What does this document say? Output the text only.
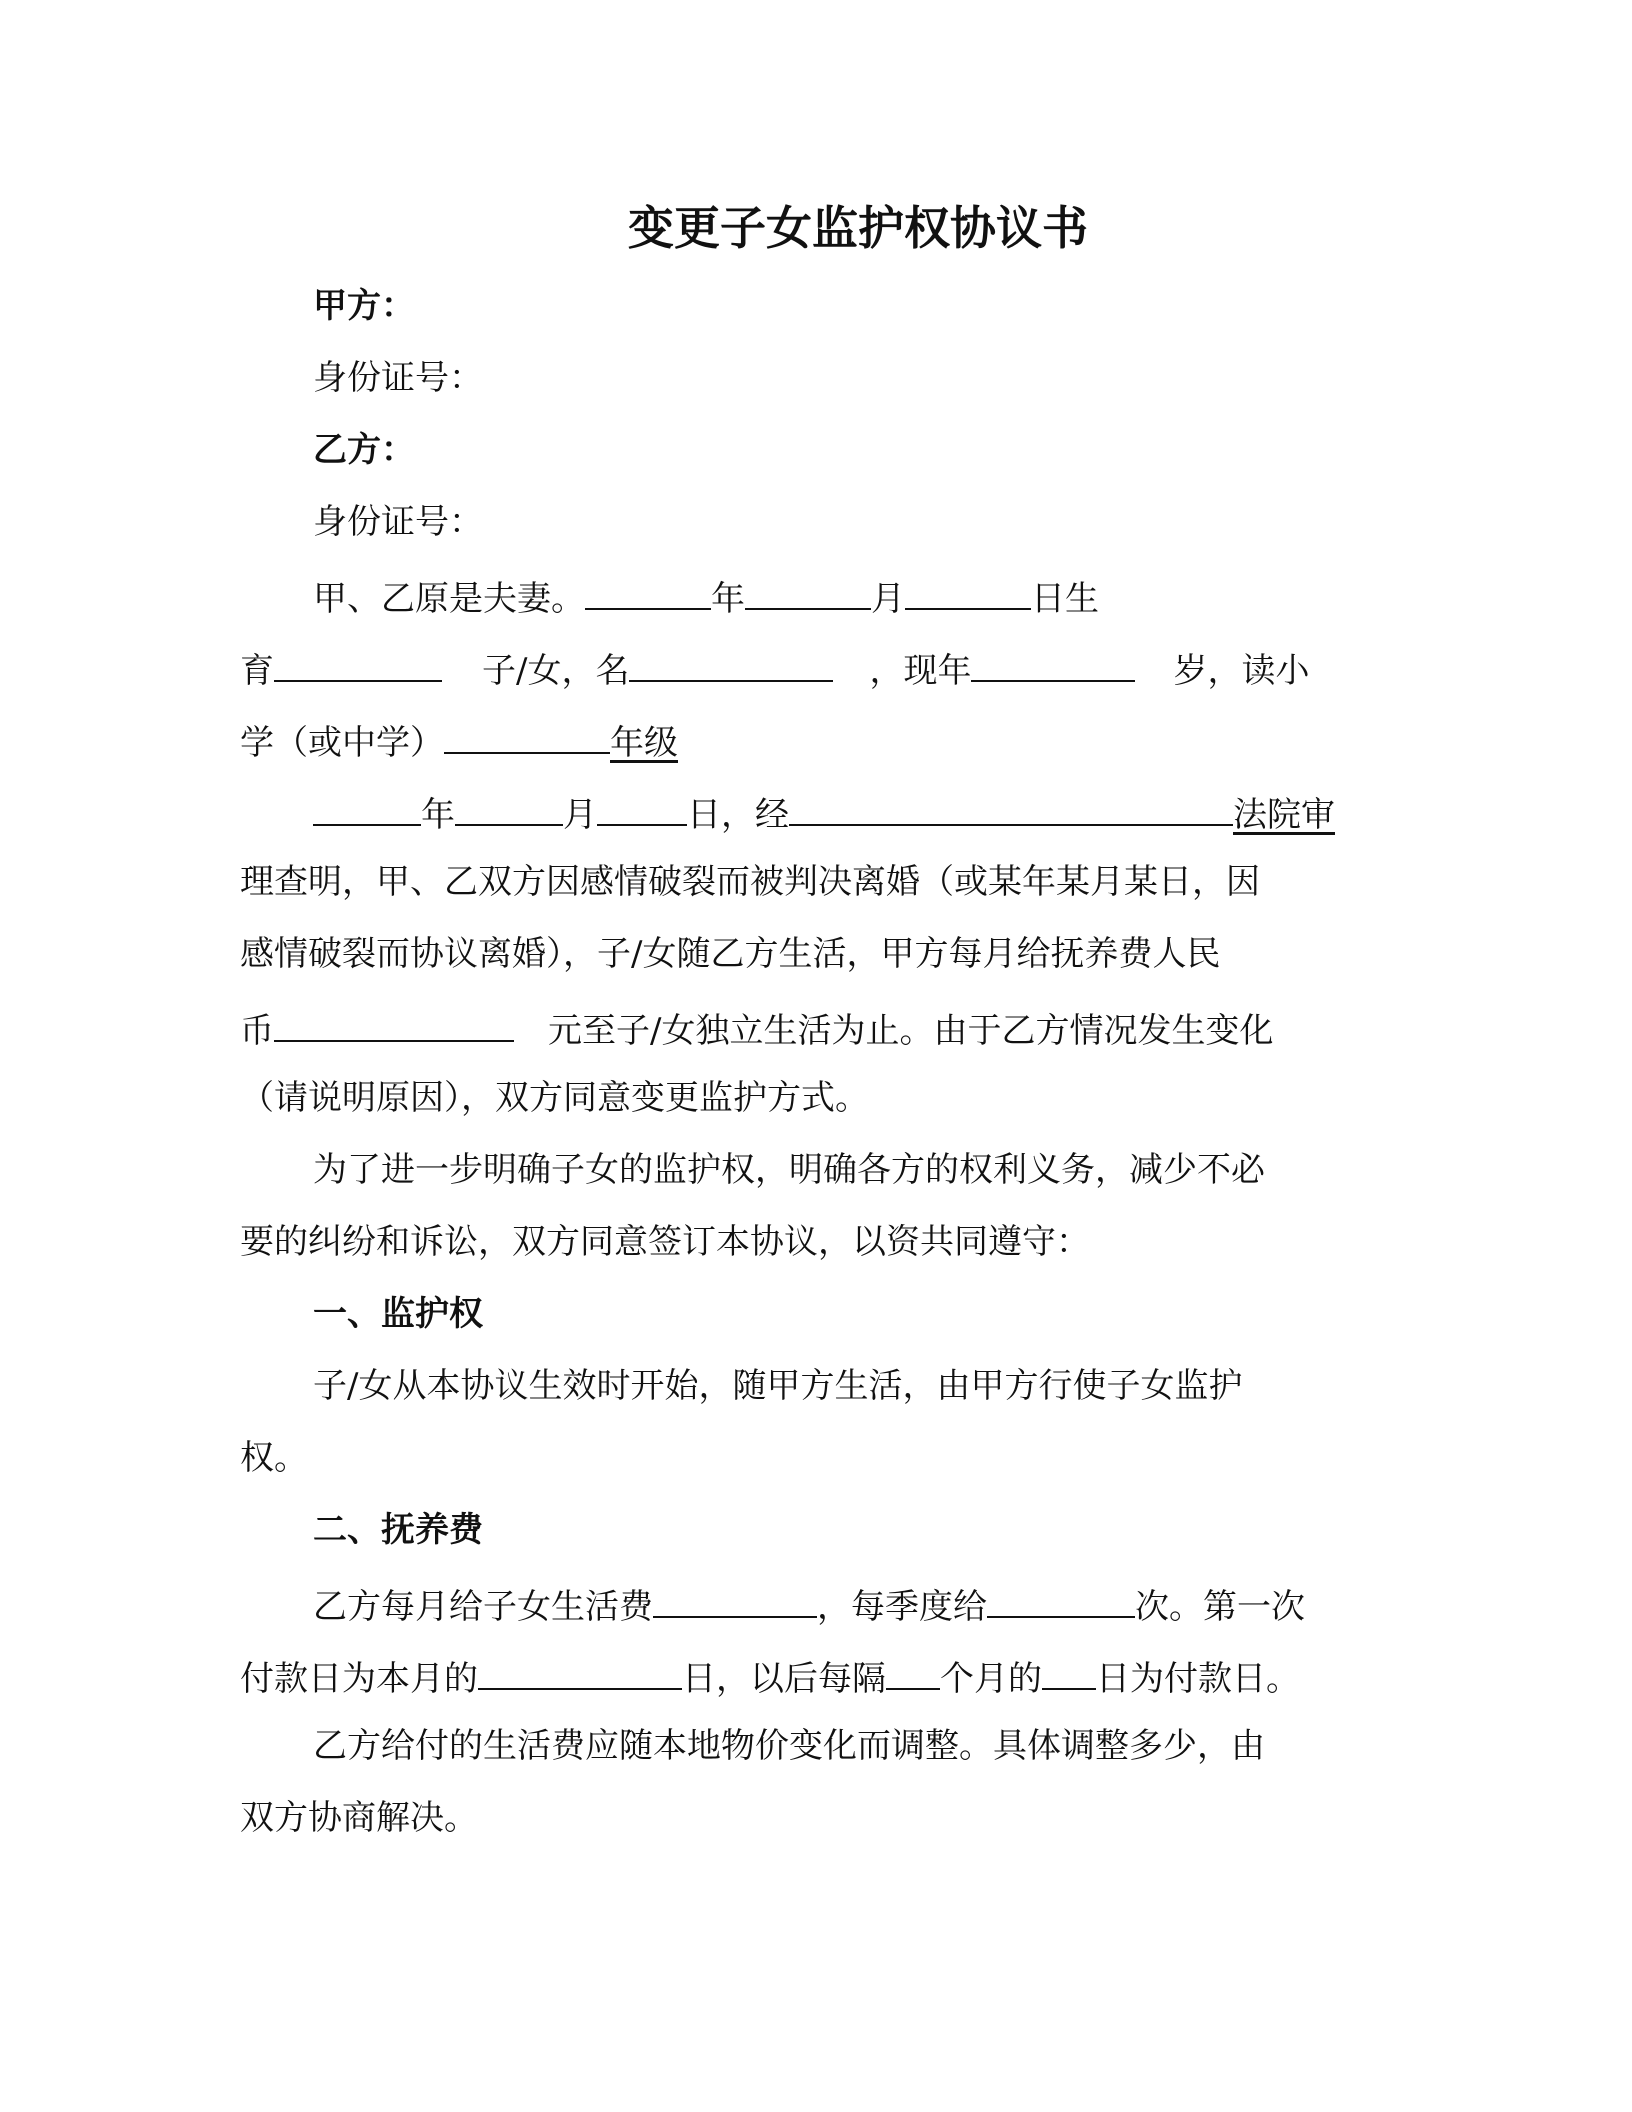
变更子女监护权协议书
甲方：
身份证号：
乙方：
身份证号：
甲、乙原是夫妻。	年	月	日生
育	子/女，名	，现年	岁，读小
学（或中学）	年级
年	月	日，经	法院审
理查明，甲、乙双方因感情破裂而被判决离婚（或某年某月某日，因
感情破裂而协议离婚），子/女随乙方生活，甲方每月给抚养费人民
币	元至子/女独立生活为止。由于乙方情况发生变化
（请说明原因），双方同意变更监护方式。
为了进一步明确子女的监护权，明确各方的权利义务，减少不必
要的纠纷和诉讼，双方同意签订本协议，以资共同遵守：
一、监护权
子/女从本协议生效时开始，随甲方生活，由甲方行使子女监护
权。
二、抚养费
乙方每月给子女生活费	，每季度给	次。第一次
付款日为本月的	日，以后每隔 个月的 日为付款日。
乙方给付的生活费应随本地物价变化而调整。具体调整多少，由
双方协商解决。
